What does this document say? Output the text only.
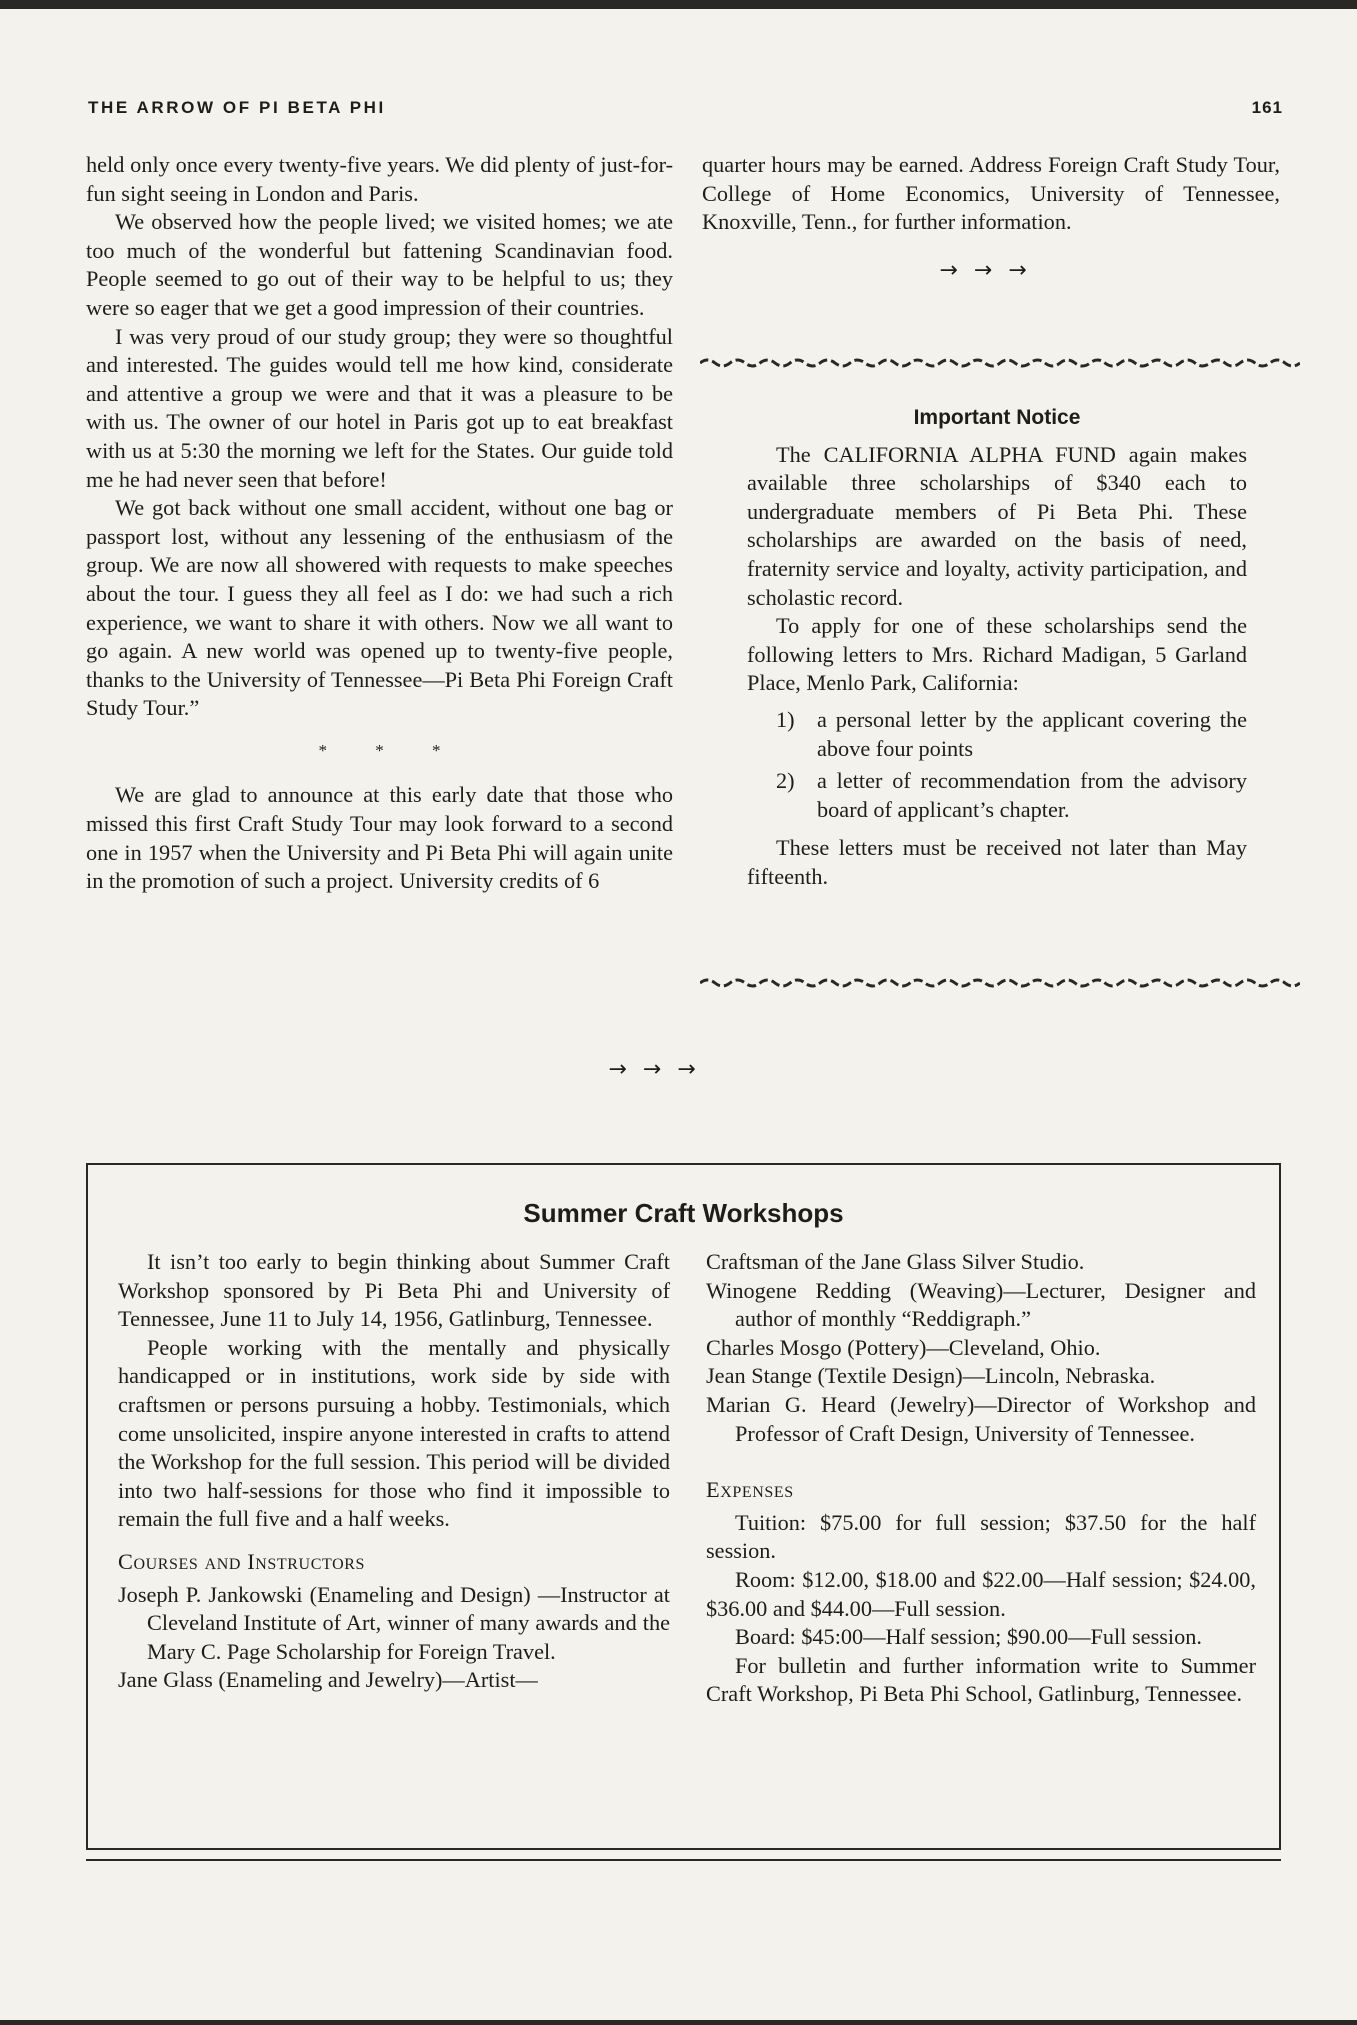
THE ARROW OF PI BETA PHI	161

held only once every twenty-five years. We did plenty of just-for-fun sight seeing in London and Paris.

We observed how the people lived; we visited homes; we ate too much of the wonderful but fattening Scandinavian food. People seemed to go out of their way to be helpful to us; they were so eager that we get a good impression of their countries.

I was very proud of our study group; they were so thoughtful and interested. The guides would tell me how kind, considerate and attentive a group we were and that it was a pleasure to be with us. The owner of our hotel in Paris got up to eat breakfast with us at 5:30 the morning we left for the States. Our guide told me he had never seen that before!

We got back without one small accident, without one bag or passport lost, without any lessening of the enthusiasm of the group. We are now all showered with requests to make speeches about the tour. I guess they all feel as I do: we had such a rich experience, we want to share it with others. Now we all want to go again. A new world was opened up to twenty-five people, thanks to the University of Tennessee—Pi Beta Phi Foreign Craft Study Tour.”

* * *

We are glad to announce at this early date that those who missed this first Craft Study Tour may look forward to a second one in 1957 when the University and Pi Beta Phi will again unite in the promotion of such a project. University credits of 6

quarter hours may be earned. Address Foreign Craft Study Tour, College of Home Economics, University of Tennessee, Knoxville, Tenn., for further information.

→→→
Important Notice

The CALIFORNIA ALPHA FUND again makes available three scholarships of $340 each to undergraduate members of Pi Beta Phi. These scholarships are awarded on the basis of need, fraternity service and loyalty, activity participation, and scholastic record.

To apply for one of these scholarships send the following letters to Mrs. Richard Madigan, 5 Garland Place, Menlo Park, California:

1) a personal letter by the applicant covering the above four points
2) a letter of recommendation from the advisory board of applicant’s chapter.

These letters must be received not later than May fifteenth.

→→→
Summer Craft Workshops

It isn’t too early to begin thinking about Summer Craft Workshop sponsored by Pi Beta Phi and University of Tennessee, June 11 to July 14, 1956, Gatlinburg, Tennessee.

People working with the mentally and physically handicapped or in institutions, work side by side with craftsmen or persons pursuing a hobby. Testimonials, which come unsolicited, inspire anyone interested in crafts to attend the Workshop for the full session. This period will be divided into two half-sessions for those who find it impossible to remain the full five and a half weeks.

Courses and Instructors

Joseph P. Jankowski (Enameling and Design) —Instructor at Cleveland Institute of Art, winner of many awards and the Mary C. Page Scholarship for Foreign Travel.

Jane Glass (Enameling and Jewelry)—Artist—

Craftsman of the Jane Glass Silver Studio.

Winogene Redding (Weaving)—Lecturer, Designer and author of monthly “Reddigraph.”

Charles Mosgo (Pottery)—Cleveland, Ohio.

Jean Stange (Textile Design)—Lincoln, Nebraska.

Marian G. Heard (Jewelry)—Director of Workshop and Professor of Craft Design, University of Tennessee.

Expenses

Tuition: $75.00 for full session; $37.50 for the half session.

Room: $12.00, $18.00 and $22.00—Half session; $24.00, $36.00 and $44.00—Full session.

Board: $45:00—Half session; $90.00—Full session.

For bulletin and further information write to Summer Craft Workshop, Pi Beta Phi School, Gatlinburg, Tennessee.
